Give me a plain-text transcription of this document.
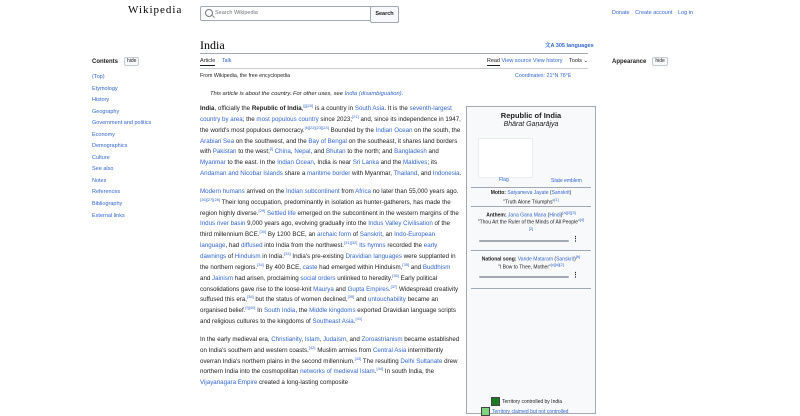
Wikipedia
Search Wikipedia	Search	Donate Create account Log in
Contents	hide
(Top)
Etymology
History
Geography
Government and politics
Economy
Demographics
Culture
See also
Notes
References
Bibliography
External links
India	文A 305 languages
Article Talk	Read View source View history Tools ⌄
From Wikipedia, the free encyclopedia	Coordinates: 21°N 78°E
This article is about the country. For other uses, see India (disambiguation).
Appearance	hide

India, officially the Republic of India,[j][20] is a country in South Asia. It is the seventh-largest country by area; the most populous country since 2023;[21] and, since its independence in 1947, the world's most populous democracy.[k][22][23][24] Bounded by the Indian Ocean on the south, the Arabian Sea on the southwest, and the Bay of Bengal on the southeast, it shares land borders with Pakistan to the west;[l] China, Nepal, and Bhutan to the north; and Bangladesh and Myanmar to the east. In the Indian Ocean, India is near Sri Lanka and the Maldives; its Andaman and Nicobar Islands share a maritime border with Myanmar, Thailand, and Indonesia.

Modern humans arrived on the Indian subcontinent from Africa no later than 55,000 years ago.[26][27][28] Their long occupation, predominantly in isolation as hunter-gatherers, has made the region highly diverse.[29] Settled life emerged on the subcontinent in the western margins of the Indus river basin 9,000 years ago, evolving gradually into the Indus Valley Civilisation of the third millennium BCE.[30] By 1200 BCE, an archaic form of Sanskrit, an Indo-European language, had diffused into India from the northwest.[31][32] Its hymns recorded the early dawnings of Hinduism in India.[33] India's pre-existing Dravidian languages were supplanted in the northern regions.[34] By 400 BCE, caste had emerged within Hinduism,[35] and Buddhism and Jainism had arisen, proclaiming social orders unlinked to heredity.[36] Early political consolidations gave rise to the loose-knit Maurya and Gupta Empires.[37] Widespread creativity suffused this era,[38] but the status of women declined,[39] and untouchability became an organised belief.[f][40] In South India, the Middle kingdoms exported Dravidian language scripts and religious cultures to the kingdoms of Southeast Asia.[41]

In the early medieval era, Christianity, Islam, Judaism, and Zoroastrianism became established on India's southern and western coasts.[42] Muslim armies from Central Asia intermittently overran India's northern plains in the second millennium.[43] The resulting Delhi Sultanate drew northern India into the cosmopolitan networks of medieval Islam.[44] In south India, the Vijayanagara Empire created a long-lasting composite

Republic of India
Bhārat Gaṇarājya
Flag	State emblem
Motto: Satyameva Jayate (Sanskrit)
"Truth Alone Triumphs"[1]
Anthem: Jana Gana Mana (Hindi)[a][2][3]
"Thou Art the Ruler of the Minds of All People"[4][2]
⋮
National song: Vande Mataram (Sanskrit)[b]
"I Bow to Thee, Mother"[c][d][2]
⋮
Territory controlled by India
Territory claimed but not controlled
